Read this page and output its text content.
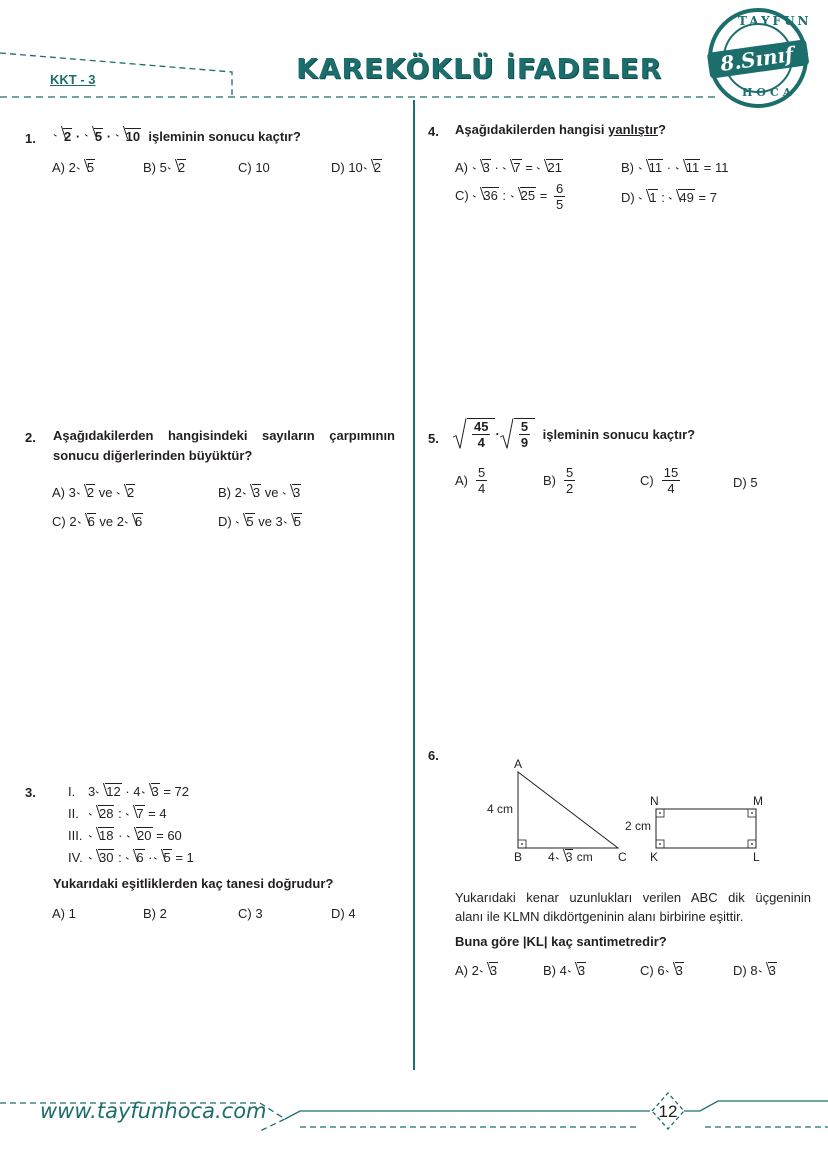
KKT - 3	KAREKÖKLÜ İFADELER
TAYFUN
8.Sınıf
HOCA
1.	2 · 5 · 10 işleminin sonucu kaçtır?
A) 2 5	B) 5 2	C) 10	D) 10 2
2. Aşağıdakilerden hangisindeki sayıların çarpımının
sonucu diğerlerinden büyüktür?
A) 3 2 ve 2	B) 2 3 ve 3
C) 2 6 ve 2 6	D) 5 ve 3 5
3. I. 3 12 · 4 3 = 72
II. 28 : 7 = 4
III. 18 · 20 = 60
IV. 30 : 6 · 5 = 1
Yukarıdaki eşitliklerden kaç tanesi doğrudur?
A) 1	B) 2	C) 3	D) 4
4. Aşağıdakilerden hangisi yanlıştır?
A) 3 · 7 = 21	B) 11 · 11 = 11
C) 36 : $25 = \frac{6}{5}$	D) 1 : 49 = 7
5.	$\frac{45}{4} \cdot \frac{5}{9}$ işleminin sonucu kaçtır?
$A) \frac{5}{4}$	$B) \frac{5}{2}$	$C) \frac{15}{4}$	D) 5
6.
A
B	C
4 cm
4 3 cm
N	M
K	L
2 cm
Yukarıdaki kenar uzunlukları verilen ABC dik üçgeninin
alanı ile KLMN dikdörtgeninin alanı birbirine eşittir.
Buna göre |KL| kaç santimetredir?
A) 2 3	B) 4 3	C) 6 3	D) 8 3
www.tayfunhoca.com	12
